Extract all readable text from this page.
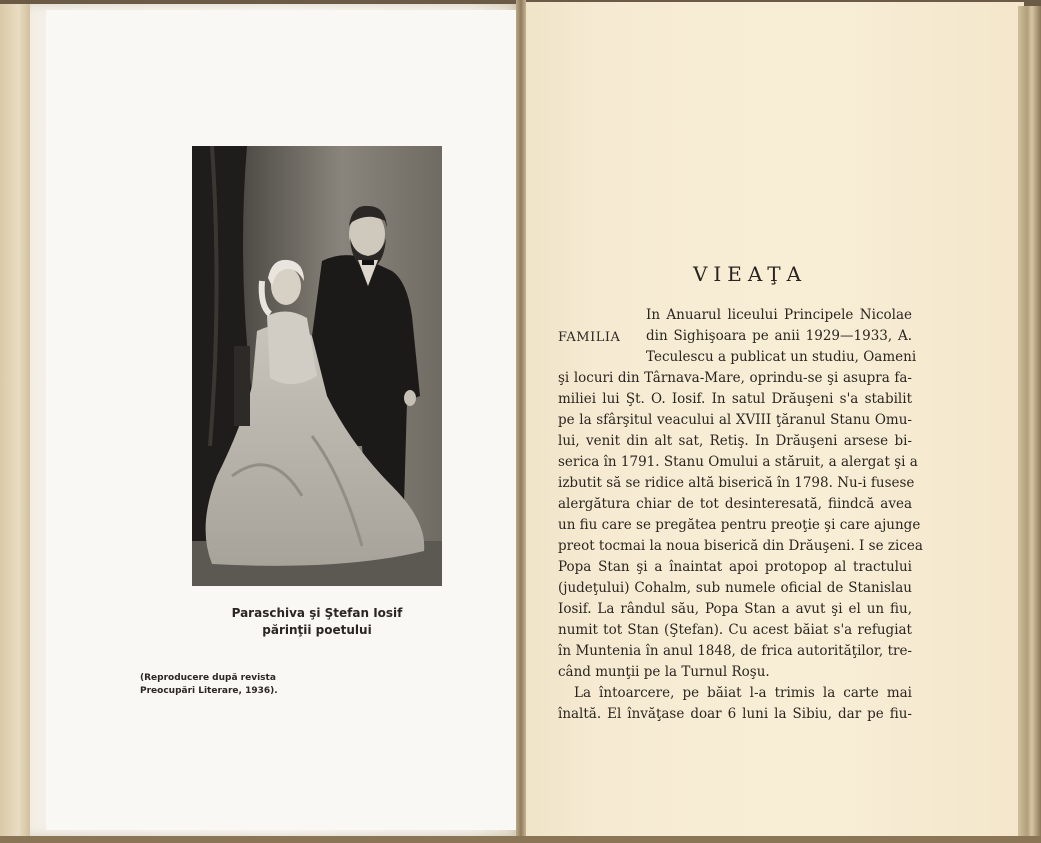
Paraschiva şi Ştefan Iosif
părinţii poetului
(Reproducere după revista
Preocupări Literare, 1936).
VIEAŢA
FAMILIA
In Anuarul liceului Principele Nicolae
din Sighişoara pe anii 1929—1933, A.
Teculescu a publicat un studiu, Oameni
şi locuri din Târnava-Mare, oprindu-se şi asupra fa-
miliei lui Şt. O. Iosif. In satul Drăuşeni s'a stabilit
pe la sfârşitul veacului al XVIII ţăranul Stanu Omu-
lui, venit din alt sat, Retiş. In Drăuşeni arsese bi-
serica în 1791. Stanu Omului a stăruit, a alergat şi a
izbutit să se ridice altă biserică în 1798. Nu-i fusese
alergătura chiar de tot desinteresată, fiindcă avea
un fiu care se pregătea pentru preoţie şi care ajunge
preot tocmai la noua biserică din Drăuşeni. I se zicea
Popa Stan şi a înaintat apoi protopop al tractului
(judeţului) Cohalm, sub numele oficial de Stanislau
Iosif. La rândul său, Popa Stan a avut şi el un fiu,
numit tot Stan (Ştefan). Cu acest băiat s'a refugiat
în Muntenia în anul 1848, de frica autorităţilor, tre-
când munţii pe la Turnul Roşu.
La întoarcere, pe băiat l-a trimis la carte mai
înaltă. El învăţase doar 6 luni la Sibiu, dar pe fiu-
